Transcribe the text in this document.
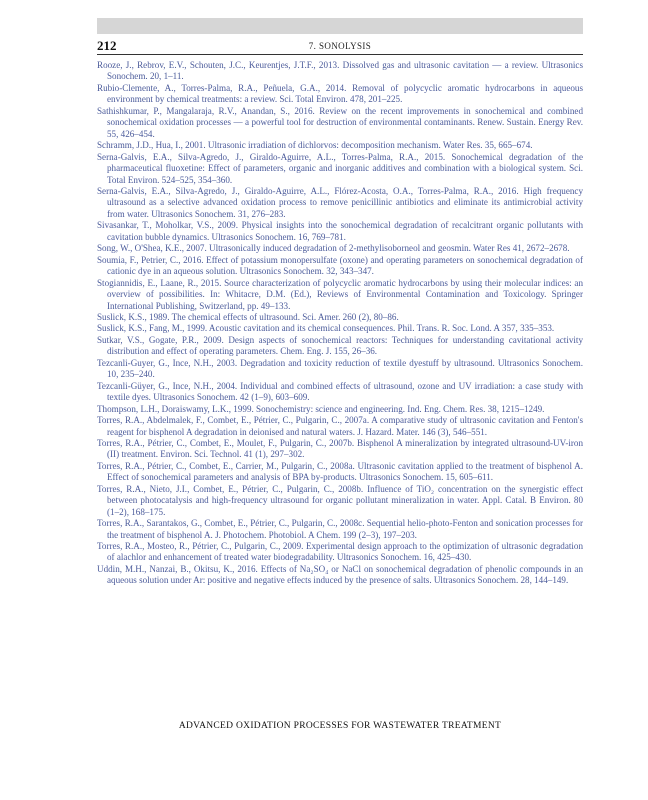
212	7. SONOLYSIS
Rooze, J., Rebrov, E.V., Schouten, J.C., Keurentjes, J.T.F., 2013. Dissolved gas and ultrasonic cavitation — a review. Ultrasonics Sonochem. 20, 1–11.
Rubio-Clemente, A., Torres-Palma, R.A., Peñuela, G.A., 2014. Removal of polycyclic aromatic hydrocarbons in aqueous environment by chemical treatments: a review. Sci. Total Environ. 478, 201–225.
Sathishkumar, P., Mangalaraja, R.V., Anandan, S., 2016. Review on the recent improvements in sonochemical and combined sonochemical oxidation processes — a powerful tool for destruction of environmental contaminants. Renew. Sustain. Energy Rev. 55, 426–454.
Schramm, J.D., Hua, I., 2001. Ultrasonic irradiation of dichlorvos: decomposition mechanism. Water Res. 35, 665–674.
Serna-Galvis, E.A., Silva-Agredo, J., Giraldo-Aguirre, A.L., Torres-Palma, R.A., 2015. Sonochemical degradation of the pharmaceutical fluoxetine: Effect of parameters, organic and inorganic additives and combination with a biological system. Sci. Total Environ. 524–525, 354–360.
Serna-Galvis, E.A., Silva-Agredo, J., Giraldo-Aguirre, A.L., Flórez-Acosta, O.A., Torres-Palma, R.A., 2016. High frequency ultrasound as a selective advanced oxidation process to remove penicillinic antibiotics and eliminate its antimicrobial activity from water. Ultrasonics Sonochem. 31, 276–283.
Sivasankar, T., Moholkar, V.S., 2009. Physical insights into the sonochemical degradation of recalcitrant organic pollutants with cavitation bubble dynamics. Ultrasonics Sonochem. 16, 769–781.
Song, W., O'Shea, K.E., 2007. Ultrasonically induced degradation of 2-methylisoborneol and geosmin. Water Res 41, 2672–2678.
Soumia, F., Petrier, C., 2016. Effect of potassium monopersulfate (oxone) and operating parameters on sonochemical degradation of cationic dye in an aqueous solution. Ultrasonics Sonochem. 32, 343–347.
Stogiannidis, E., Laane, R., 2015. Source characterization of polycyclic aromatic hydrocarbons by using their molecular indices: an overview of possibilities. In: Whitacre, D.M. (Ed.), Reviews of Environmental Contamination and Toxicology. Springer International Publishing, Switzerland, pp. 49–133.
Suslick, K.S., 1989. The chemical effects of ultrasound. Sci. Amer. 260 (2), 80–86.
Suslick, K.S., Fang, M., 1999. Acoustic cavitation and its chemical consequences. Phil. Trans. R. Soc. Lond. A 357, 335–353.
Sutkar, V.S., Gogate, P.R., 2009. Design aspects of sonochemical reactors: Techniques for understanding cavitational activity distribution and effect of operating parameters. Chem. Eng. J. 155, 26–36.
Tezcanli-Guyer, G., Ince, N.H., 2003. Degradation and toxicity reduction of textile dyestuff by ultrasound. Ultrasonics Sonochem. 10, 235–240.
Tezcanli-Güyer, G., Ince, N.H., 2004. Individual and combined effects of ultrasound, ozone and UV irradiation: a case study with textile dyes. Ultrasonics Sonochem. 42 (1–9), 603–609.
Thompson, L.H., Doraiswamy, L.K., 1999. Sonochemistry: science and engineering. Ind. Eng. Chem. Res. 38, 1215–1249.
Torres, R.A., Abdelmalek, F., Combet, E., Pétrier, C., Pulgarin, C., 2007a. A comparative study of ultrasonic cavitation and Fenton's reagent for bisphenol A degradation in deionised and natural waters. J. Hazard. Mater. 146 (3), 546–551.
Torres, R.A., Pétrier, C., Combet, E., Moulet, F., Pulgarin, C., 2007b. Bisphenol A mineralization by integrated ultrasound-UV-iron (II) treatment. Environ. Sci. Technol. 41 (1), 297–302.
Torres, R.A., Pétrier, C., Combet, E., Carrier, M., Pulgarin, C., 2008a. Ultrasonic cavitation applied to the treatment of bisphenol A. Effect of sonochemical parameters and analysis of BPA by-products. Ultrasonics Sonochem. 15, 605–611.
Torres, R.A., Nieto, J.I., Combet, E., Pétrier, C., Pulgarin, C., 2008b. Influence of TiO₂ concentration on the synergistic effect between photocatalysis and high-frequency ultrasound for organic pollutant mineralization in water. Appl. Catal. B Environ. 80 (1–2), 168–175.
Torres, R.A., Sarantakos, G., Combet, E., Pétrier, C., Pulgarin, C., 2008c. Sequential helio-photo-Fenton and sonication processes for the treatment of bisphenol A. J. Photochem. Photobiol. A Chem. 199 (2–3), 197–203.
Torres, R.A., Mosteo, R., Pétrier, C., Pulgarin, C., 2009. Experimental design approach to the optimization of ultrasonic degradation of alachlor and enhancement of treated water biodegradability. Ultrasonics Sonochem. 16, 425–430.
Uddin, M.H., Nanzai, B., Okitsu, K., 2016. Effects of Na₂SO₄ or NaCl on sonochemical degradation of phenolic compounds in an aqueous solution under Ar: positive and negative effects induced by the presence of salts. Ultrasonics Sonochem. 28, 144–149.
ADVANCED OXIDATION PROCESSES FOR WASTEWATER TREATMENT
